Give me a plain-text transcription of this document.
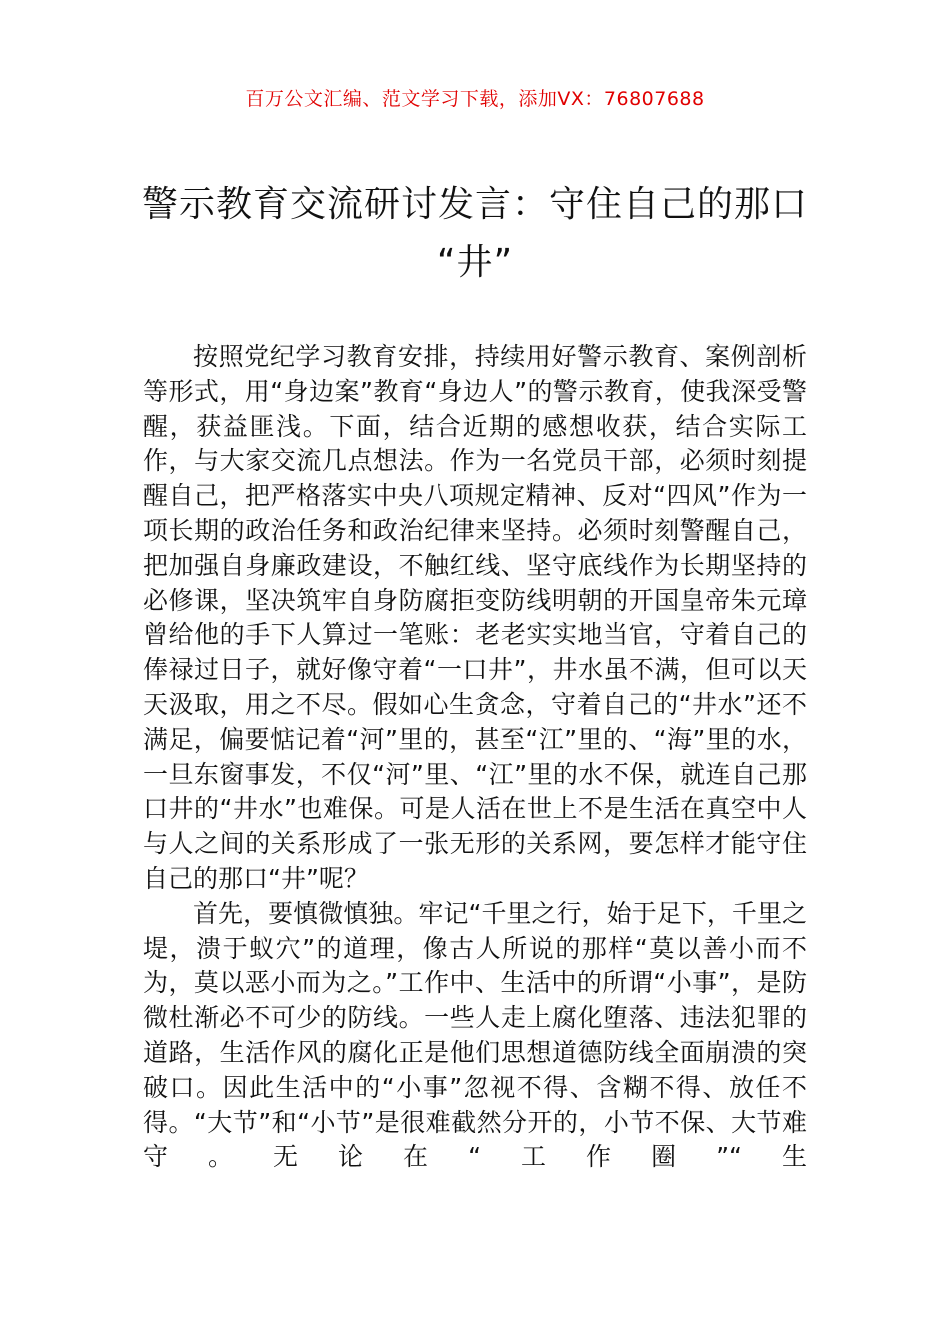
百万公文汇编、范文学习下载，添加VX：76807688
警示教育交流研讨发言：守住自己的那口
“井”

按照党纪学习教育安排，持续用好警示教育、案例剖析等形式，用“身边案”教育“身边人”的警示教育，使我深受警醒，获益匪浅。下面，结合近期的感想收获，结合实际工作，与大家交流几点想法。作为一名党员干部，必须时刻提醒自己，把严格落实中央八项规定精神、反对“四风”作为一项长期的政治任务和政治纪律来坚持。必须时刻警醒自己，把加强自身廉政建设，不触红线、坚守底线作为长期坚持的必修课，坚决筑牢自身防腐拒变防线明朝的开国皇帝朱元璋曾给他的手下人算过一笔账：老老实实地当官，守着自己的俸禄过日子，就好像守着“一口井”，井水虽不满，但可以天天汲取，用之不尽。假如心生贪念，守着自己的“井水”还不满足，偏要惦记着“河”里的，甚至“江”里的、“海”里的水，一旦东窗事发，不仅“河”里、“江”里的水不保，就连自己那口井的“井水”也难保。可是人活在世上不是生活在真空中人与人之间的关系形成了一张无形的关系网，要怎样才能守住自己的那口“井”呢？

首先，要慎微慎独。牢记“千里之行，始于足下，千里之堤，溃于蚁穴”的道理，像古人所说的那样“莫以善小而不为，莫以恶小而为之。”工作中、生活中的所谓“小事”，是防微杜渐必不可少的防线。一些人走上腐化堕落、违法犯罪的道路，生活作风的腐化正是他们思想道德防线全面崩溃的突破口。因此生活中的“小事”忽视不得、含糊不得、放任不得。“大节”和“小节”是很难截然分开的，小节不保、大节难守。无论在“工作圈”“生
